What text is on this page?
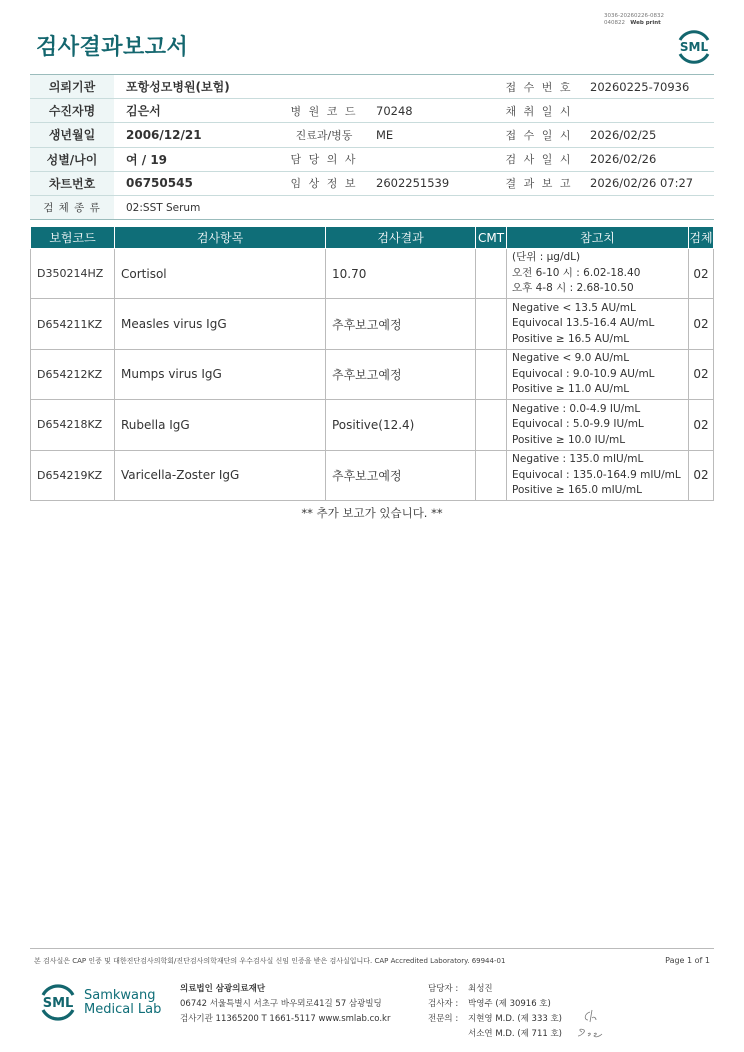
검사결과보고서
3036-20260226-0832
040822 Web print
SML
의뢰기관	포항성모병원(보험)			접 수 번 호	20260225-70936
수진자명	김은서	병 원 코 드	70248	채 취 일 시	
생년월일	2006/12/21	진료과/병동	ME	접 수 일 시	2026/02/25
성별/나이	여 / 19	담 당 의 사		검 사 일 시	2026/02/26
차트번호	06750545	임 상 정 보	2602251539	결 과 보 고	2026/02/26 07:27
검 체 종 류	02:SST Serum				
보험코드	검사항목	검사결과	CMT	참고치	검체
D350214HZ	Cortisol	10.70		(단위 : μg/dL)
오전 6-10 시 : 6.02-18.40
오후 4-8 시 : 2.68-10.50	02
D654211KZ	Measles virus IgG	추후보고예정		Negative < 13.5 AU/mL
Equivocal 13.5-16.4 AU/mL
Positive ≥ 16.5 AU/mL	02
D654212KZ	Mumps virus IgG	추후보고예정		Negative < 9.0 AU/mL
Equivocal : 9.0-10.9 AU/mL
Positive ≥ 11.0 AU/mL	02
D654218KZ	Rubella IgG	Positive(12.4)		Negative : 0.0-4.9 IU/mL
Equivocal : 5.0-9.9 IU/mL
Positive ≥ 10.0 IU/mL	02
D654219KZ	Varicella-Zoster IgG	추후보고예정		Negative : 135.0 mIU/mL
Equivocal : 135.0-164.9 mIU/mL
Positive ≥ 165.0 mIU/mL	02
** 추가 보고가 있습니다. **
본 검사실은 CAP 인증 및 대한진단검사의학회/진단검사의학재단의 우수검사실 신임 인증을 받은 검사실입니다. CAP Accredited Laboratory. 69944-01	Page 1 of 1
SML
Samkwang
Medical Lab
의료법인 삼광의료재단
06742 서울특별시 서초구 바우뫼로41길 57 삼광빌딩
검사기관 11365200 T 1661-5117 www.smlab.co.kr
담당자 : 최성진
검사자 : 박영주 (제 30916 호)
전문의 : 지현영 M.D. (제 333 호)
서소연 M.D. (제 711 호)
